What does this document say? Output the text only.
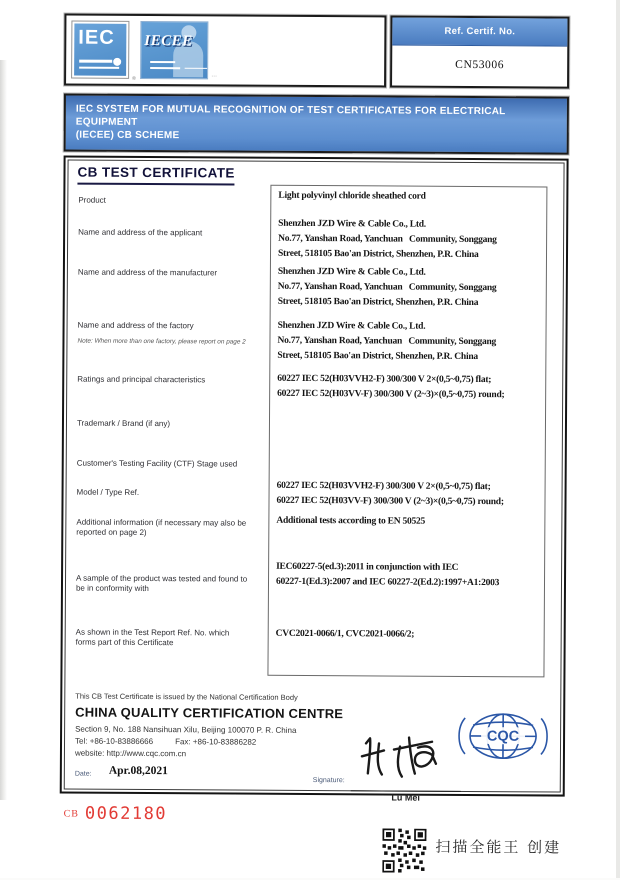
IEC
®
IECEE
…
Ref. Certif. No.
CN53006
IEC SYSTEM FOR MUTUAL RECOGNITION OF TEST CERTIFICATES FOR ELECTRICAL EQUIPMENT
(IECEE) CB SCHEME
CB TEST CERTIFICATE
Product
Name and address of the applicant
Name and address of the manufacturer
Name and address of the factory
Note: When more than one factory, please report on page 2
Ratings and principal characteristics
Trademark / Brand (if any)
Customer's Testing Facility (CTF) Stage used
Model / Type Ref.
Additional information (if necessary may also be reported on page 2)
A sample of the product was tested and found to be in conformity with
As shown in the Test Report Ref. No. which forms part of this Certificate
Light polyvinyl chloride sheathed cord
Shenzhen JZD Wire & Cable Co., Ltd.
No.77, Yanshan Road, Yanchuan   Community, Songgang
Street, 518105 Bao'an District, Shenzhen, P.R. China
Shenzhen JZD Wire & Cable Co., Ltd.
No.77, Yanshan Road, Yanchuan   Community, Songgang
Street, 518105 Bao'an District, Shenzhen, P.R. China
Shenzhen JZD Wire & Cable Co., Ltd.
No.77, Yanshan Road, Yanchuan   Community, Songgang
Street, 518105 Bao'an District, Shenzhen, P.R. China
60227 IEC 52(H03VVH2-F) 300/300 V 2×(0,5~0,75) flat;
60227 IEC 52(H03VV-F) 300/300 V (2~3)×(0,5~0,75) round;
60227 IEC 52(H03VVH2-F) 300/300 V 2×(0,5~0,75) flat;
60227 IEC 52(H03VV-F) 300/300 V (2~3)×(0,5~0,75) round;
Additional tests according to EN 50525
IEC60227-5(ed.3):2011 in conjunction with IEC
60227-1(Ed.3):2007 and IEC 60227-2(Ed.2):1997+A1:2003
CVC2021-0066/1, CVC2021-0066/2;
This CB Test Certificate is issued by the National Certification Body
CHINA QUALITY CERTIFICATION CENTRE
Section 9, No. 188 Nansihuan Xilu, Beijing 100070 P. R. China
Tel: +86-10-83886666	Fax: +86-10-83886282
website: http://www.cqc.com.cn
Date: Apr.08,2021
Signature:
Lu Mei
CQC
CB 0062180
扫描全能王 创建
